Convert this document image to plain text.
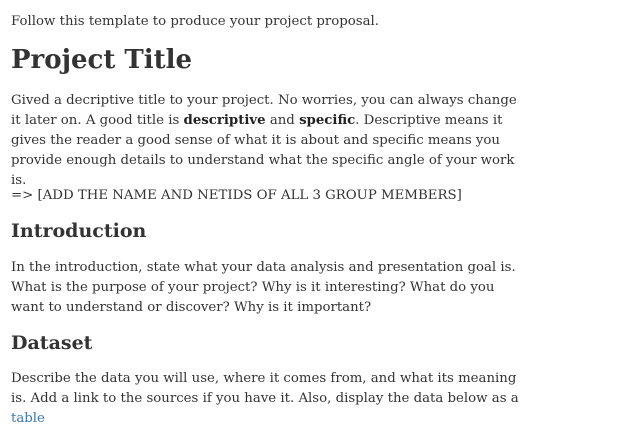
Follow this template to produce your project proposal.

Project Title

Gived a decriptive title to your project. No worries, you can always change it later on. A good title is descriptive and specific. Descriptive means it gives the reader a good sense of what it is about and specific means you provide enough details to understand what the specific angle of your work is.

=> [ADD THE NAME AND NETIDS OF ALL 3 GROUP MEMBERS]

Introduction

In the introduction, state what your data analysis and presentation goal is. What is the purpose of your project? Why is it interesting? What do you want to understand or discover? Why is it important?

Dataset

Describe the data you will use, where it comes from, and what its meaning is. Add a link to the sources if you have it. Also, display the data below as a table
